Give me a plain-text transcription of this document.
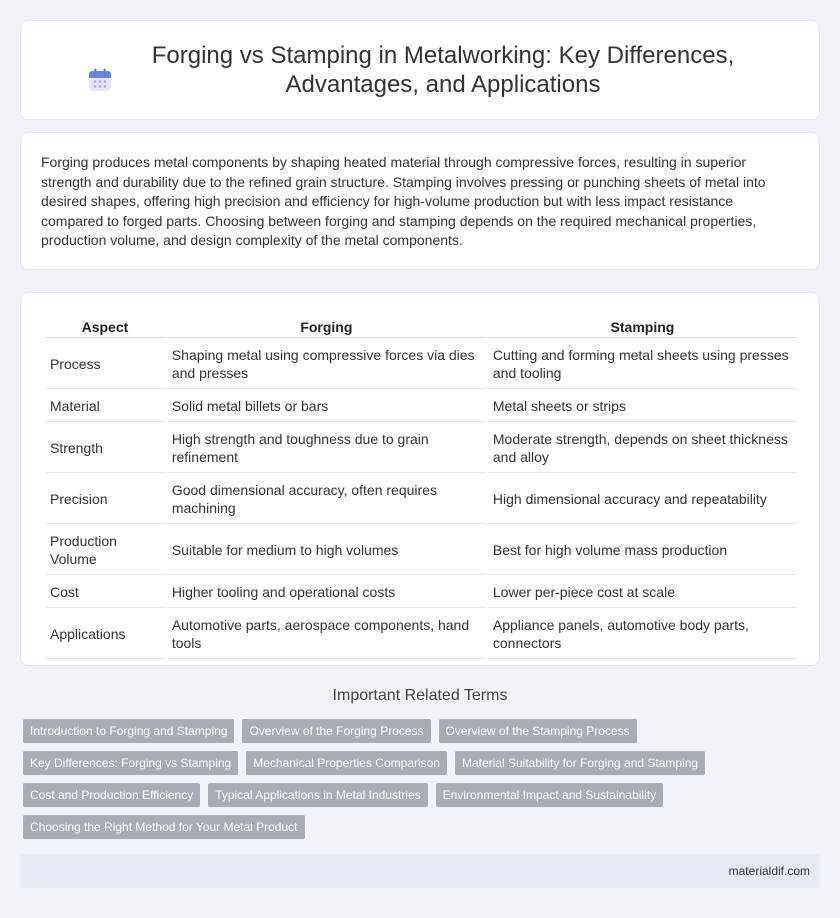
Forging vs Stamping in Metalworking: Key Differences, Advantages, and Applications

Forging produces metal components by shaping heated material through compressive forces, resulting in superior strength and durability due to the refined grain structure. Stamping involves pressing or punching sheets of metal into desired shapes, offering high precision and efficiency for high-volume production but with less impact resistance compared to forged parts. Choosing between forging and stamping depends on the required mechanical properties, production volume, and design complexity of the metal components.

Aspect	Forging	Stamping
Process	Shaping metal using compressive forces via dies and presses	Cutting and forming metal sheets using presses and tooling
Material	Solid metal billets or bars	Metal sheets or strips
Strength	High strength and toughness due to grain refinement	Moderate strength, depends on sheet thickness and alloy
Precision	Good dimensional accuracy, often requires machining	High dimensional accuracy and repeatability
Production Volume	Suitable for medium to high volumes	Best for high volume mass production
Cost	Higher tooling and operational costs	Lower per-piece cost at scale
Applications	Automotive parts, aerospace components, hand tools	Appliance panels, automotive body parts, connectors
Important Related Terms
Introduction to Forging and Stamping	Overview of the Forging Process	Overview of the Stamping Process
Key Differences: Forging vs Stamping	Mechanical Properties Comparison	Material Suitability for Forging and Stamping
Cost and Production Efficiency	Typical Applications in Metal Industries	Environmental Impact and Sustainability
Choosing the Right Method for Your Metal Product
materialdif.com
